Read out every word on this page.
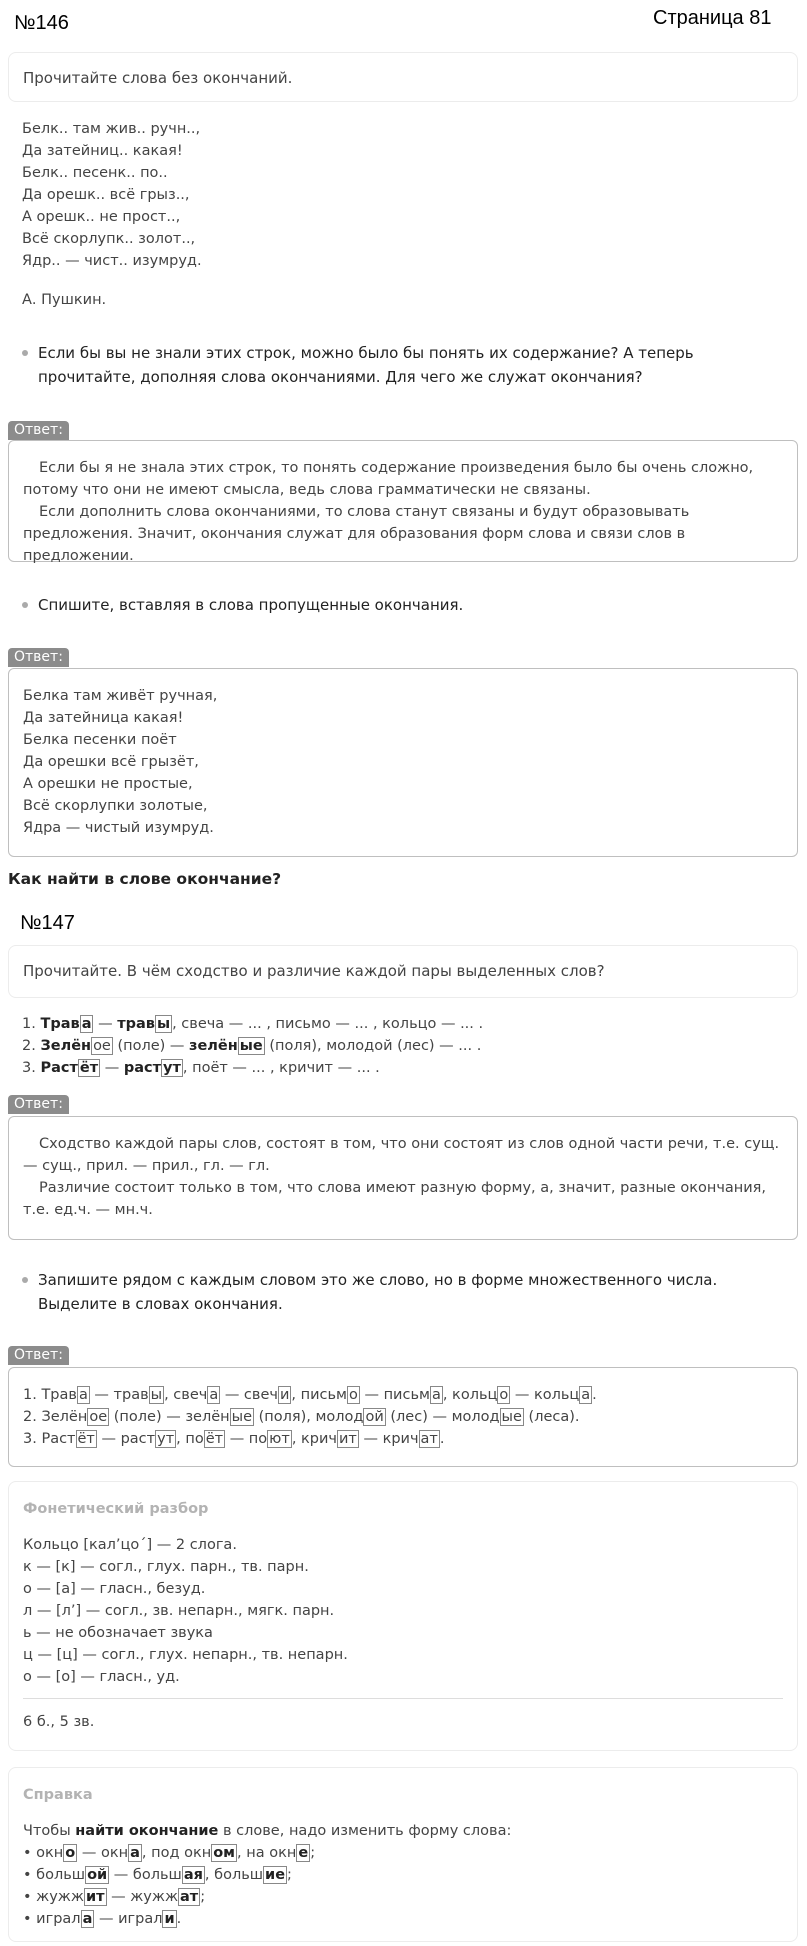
№146	Страница 81
Прочитайте слова без окончаний.
Белк.. там жив.. ручн..,
Да затейниц.. какая!
Белк.. песенк.. по..
Да орешк.. всё грыз..,
А орешк.. не прост..,
Всё скорлупк.. золот..,
Ядр.. — чист.. изумруд.
А. Пушкин.
Если бы вы не знали этих строк, можно было бы понять их содержание? А теперь прочитайте, дополняя слова окончаниями. Для чего же служат окончания?
Ответ:

Если бы я не знала этих строк, то понять содержание произведения было бы очень сложно, потому что они не имеют смысла, ведь слова грамматически не связаны.

Если дополнить слова окончаниями, то слова станут связаны и будут образовывать предложения. Значит, окончания служат для образования форм слова и связи слов в предложении.

Спишите, вставляя в слова пропущенные окончания.
Ответ:
Белка там живёт ручная,
Да затейница какая!
Белка песенки поёт
Да орешки всё грызёт,
А орешки не простые,
Всё скорлупки золотые,
Ядра — чистый изумруд.
Как найти в слове окончание?
№147
Прочитайте. В чём сходство и различие каждой пары выделенных слов?
1. Трав а — трав ы , свеча — ... , письмо — ... , кольцо — ... .
2. Зелён ое (поле) — зелён ые (поля), молодой (лес) — ... .
3. Раст ёт — раст ут , поёт — ... , кричит — ... .
Ответ:

Сходство каждой пары слов, состоят в том, что они состоят из слов одной части речи, т.е. сущ. — сущ., прил. — прил., гл. — гл.

Различие состоит только в том, что слова имеют разную форму, а, значит, разные окончания, т.е. ед.ч. — мн.ч.

Запишите рядом с каждым словом это же слово, но в форме множественного числа. Выделите в словах окончания.
Ответ:
1. Трав а — трав ы , свеч а — свеч и , письм о — письм а , кольц о — кольц а .
2. Зелён ое (поле) — зелён ые (поля), молод ой (лес) — молод ые (леса).
3. Раст ёт — раст ут , по ёт — по ют , крич ит — крич ат .
Фонетический разбор
Кольцо [кал’цо´] — 2 слога.
к — [к] — согл., глух. парн., тв. парн.
о — [а] — гласн., безуд.
л — [л’] — согл., зв. непарн., мягк. парн.
ь — не обозначает звука
ц — [ц] — согл., глух. непарн., тв. непарн.
о — [о] — гласн., уд.
6 б., 5 зв.
Справка
Чтобы найти окончание в слове, надо изменить форму слова:
• окн о — окн а , под окн ом , на окн е ;
• больш ой — больш ая , больш ие ;
• жужж ит — жужж ат ;
• играл а — играл и .
